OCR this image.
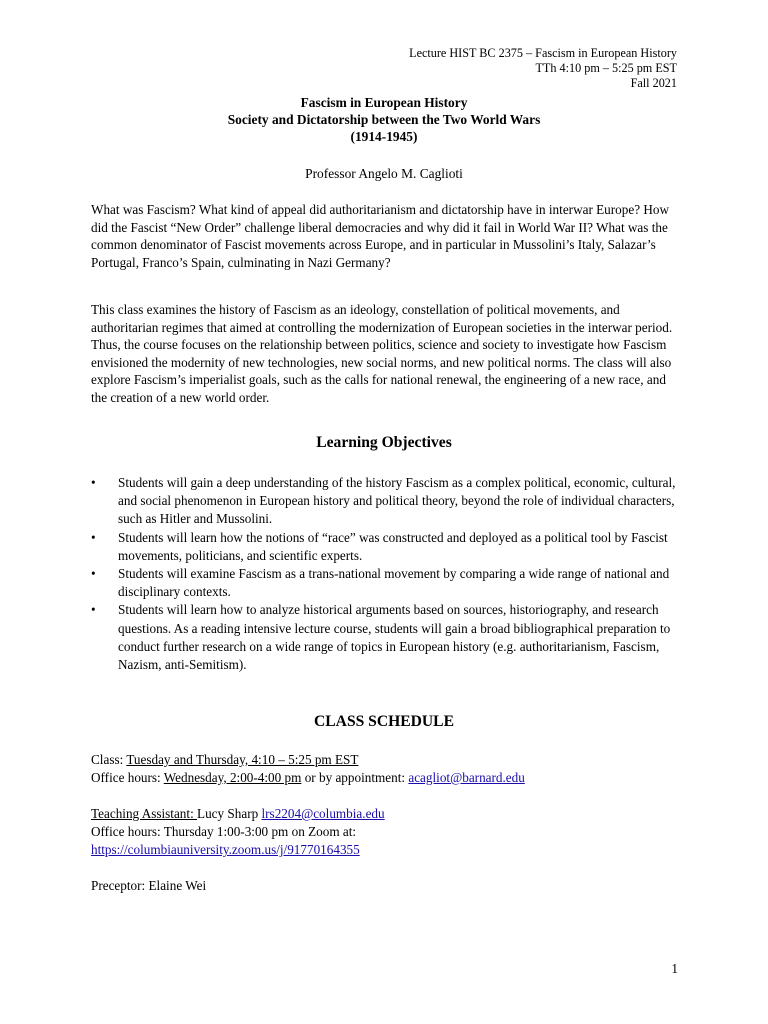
Lecture HIST BC 2375 – Fascism in European History
TTh 4:10 pm – 5:25 pm EST
Fall 2021
Fascism in European History
Society and Dictatorship between the Two World Wars
(1914-1945)
Professor Angelo M. Caglioti

What was Fascism? What kind of appeal did authoritarianism and dictatorship have in interwar Europe? How did the Fascist “New Order” challenge liberal democracies and why did it fail in World War II? What was the common denominator of Fascist movements across Europe, and in particular in Mussolini’s Italy, Salazar’s Portugal, Franco’s Spain, culminating in Nazi Germany?

This class examines the history of Fascism as an ideology, constellation of political movements, and authoritarian regimes that aimed at controlling the modernization of European societies in the interwar period. Thus, the course focuses on the relationship between politics, science and society to investigate how Fascism envisioned the modernity of new technologies, new social norms, and new political norms. The class will also explore Fascism’s imperialist goals, such as the calls for national renewal, the engineering of a new race, and the creation of a new world order.

Learning Objectives
• Students will gain a deep understanding of the history Fascism as a complex political, economic, cultural, and social phenomenon in European history and political theory, beyond the role of individual characters, such as Hitler and Mussolini.
• Students will learn how the notions of “race” was constructed and deployed as a political tool by Fascist movements, politicians, and scientific experts.
• Students will examine Fascism as a trans-national movement by comparing a wide range of national and disciplinary contexts.
• Students will learn how to analyze historical arguments based on sources, historiography, and research questions. As a reading intensive lecture course, students will gain a broad bibliographical preparation to conduct further research on a wide range of topics in European history (e.g. authoritarianism, Fascism, Nazism, anti-Semitism).
CLASS SCHEDULE
Class: Tuesday and Thursday, 4:10 – 5:25 pm EST
Office hours: Wednesday, 2:00-4:00 pm or by appointment: acagliot@barnard.edu
Teaching Assistant: Lucy Sharp lrs2204@columbia.edu
Office hours: Thursday 1:00-3:00 pm on Zoom at:
https://columbiauniversity.zoom.us/j/91770164355
Preceptor: Elaine Wei
1
